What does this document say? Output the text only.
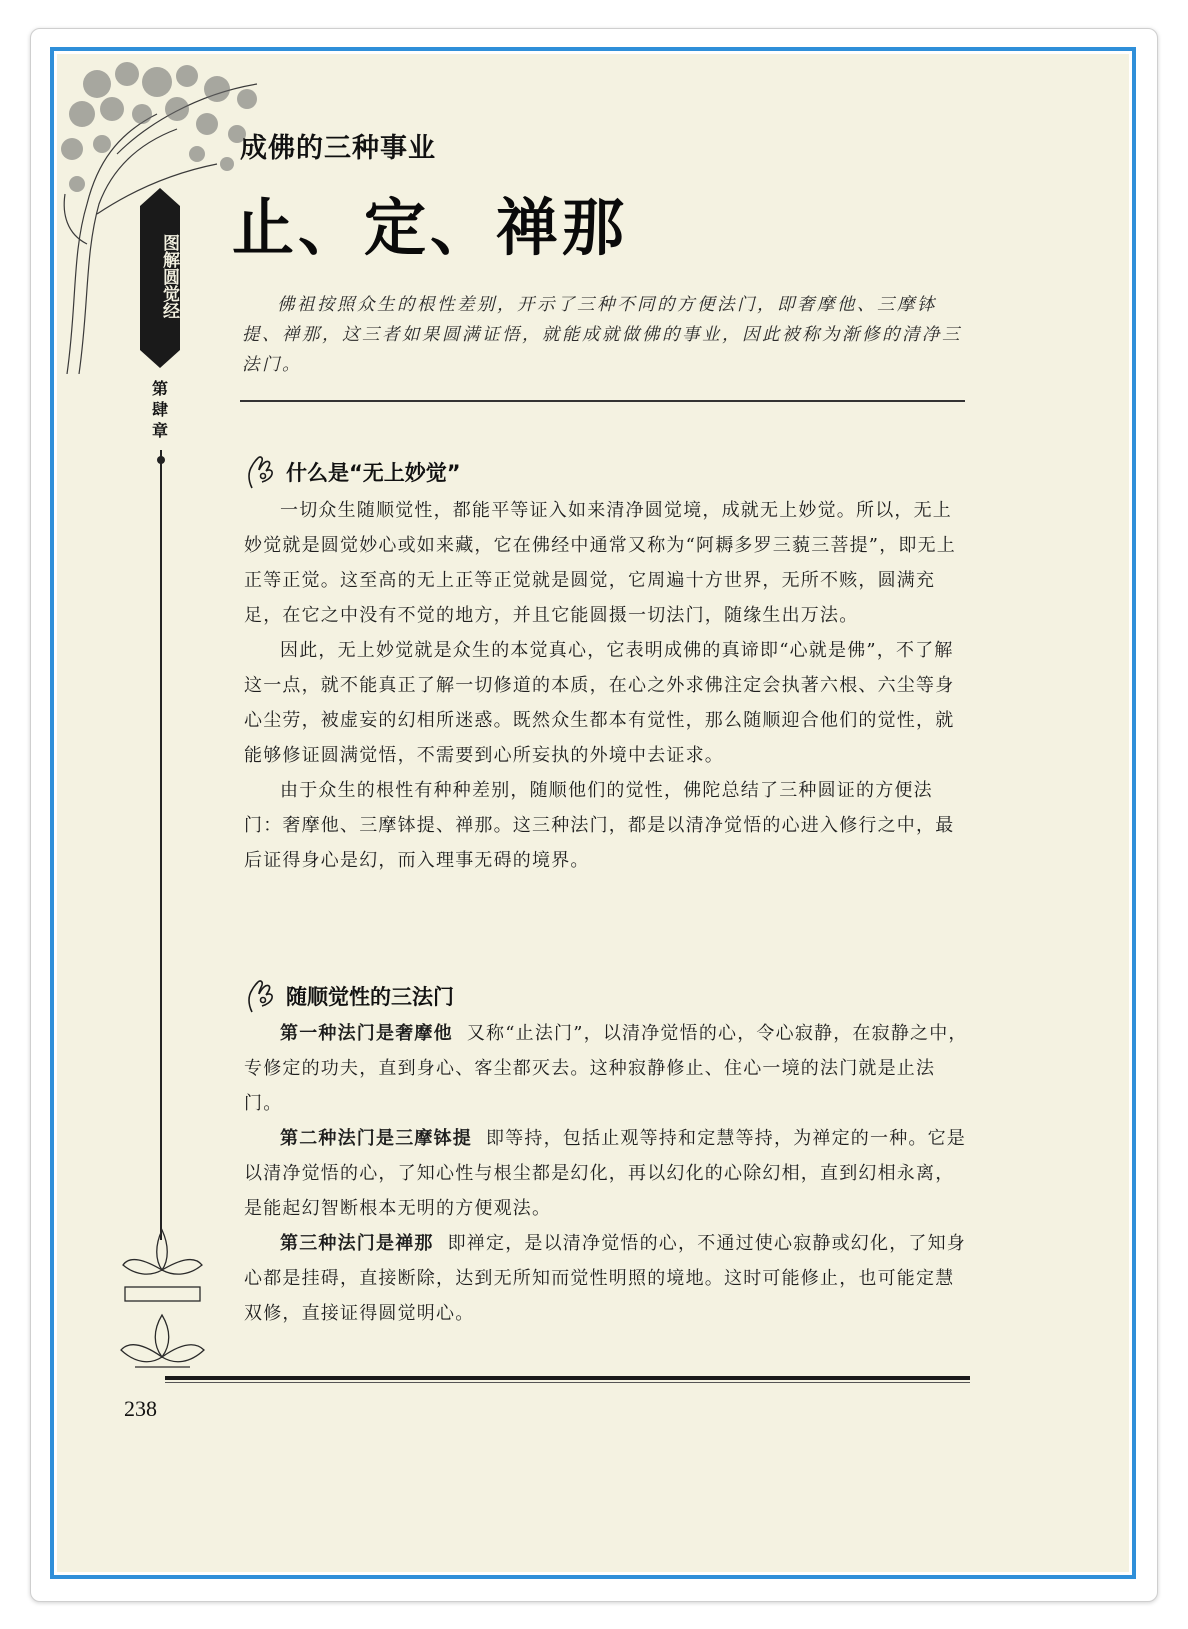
图解圆觉经
第肆章
成佛的三种事业
止、定、禅那

佛祖按照众生的根性差别，开示了三种不同的方便法门，即奢摩他、三摩钵提、禅那，这三者如果圆满证悟，就能成就做佛的事业，因此被称为渐修的清净三法门。

什么是“无上妙觉”

一切众生随顺觉性，都能平等证入如来清净圆觉境，成就无上妙觉。所以，无上妙觉就是圆觉妙心或如来藏，它在佛经中通常又称为“阿耨多罗三藐三菩提”，即无上正等正觉。这至高的无上正等正觉就是圆觉，它周遍十方世界，无所不赅，圆满充足，在它之中没有不觉的地方，并且它能圆摄一切法门，随缘生出万法。

因此，无上妙觉就是众生的本觉真心，它表明成佛的真谛即“心就是佛”，不了解这一点，就不能真正了解一切修道的本质，在心之外求佛注定会执著六根、六尘等身心尘劳，被虚妄的幻相所迷惑。既然众生都本有觉性，那么随顺迎合他们的觉性，就能够修证圆满觉悟，不需要到心所妄执的外境中去证求。

由于众生的根性有种种差别，随顺他们的觉性，佛陀总结了三种圆证的方便法门：奢摩他、三摩钵提、禅那。这三种法门，都是以清净觉悟的心进入修行之中，最后证得身心是幻，而入理事无碍的境界。

随顺觉性的三法门

第一种法门是奢摩他 又称“止法门”，以清净觉悟的心，令心寂静，在寂静之中，专修定的功夫，直到身心、客尘都灭去。这种寂静修止、住心一境的法门就是止法门。

第二种法门是三摩钵提 即等持，包括止观等持和定慧等持，为禅定的一种。它是以清净觉悟的心，了知心性与根尘都是幻化，再以幻化的心除幻相，直到幻相永离，是能起幻智断根本无明的方便观法。

第三种法门是禅那 即禅定，是以清净觉悟的心，不通过使心寂静或幻化，了知身心都是挂碍，直接断除，达到无所知而觉性明照的境地。这时可能修止，也可能定慧双修，直接证得圆觉明心。

238
